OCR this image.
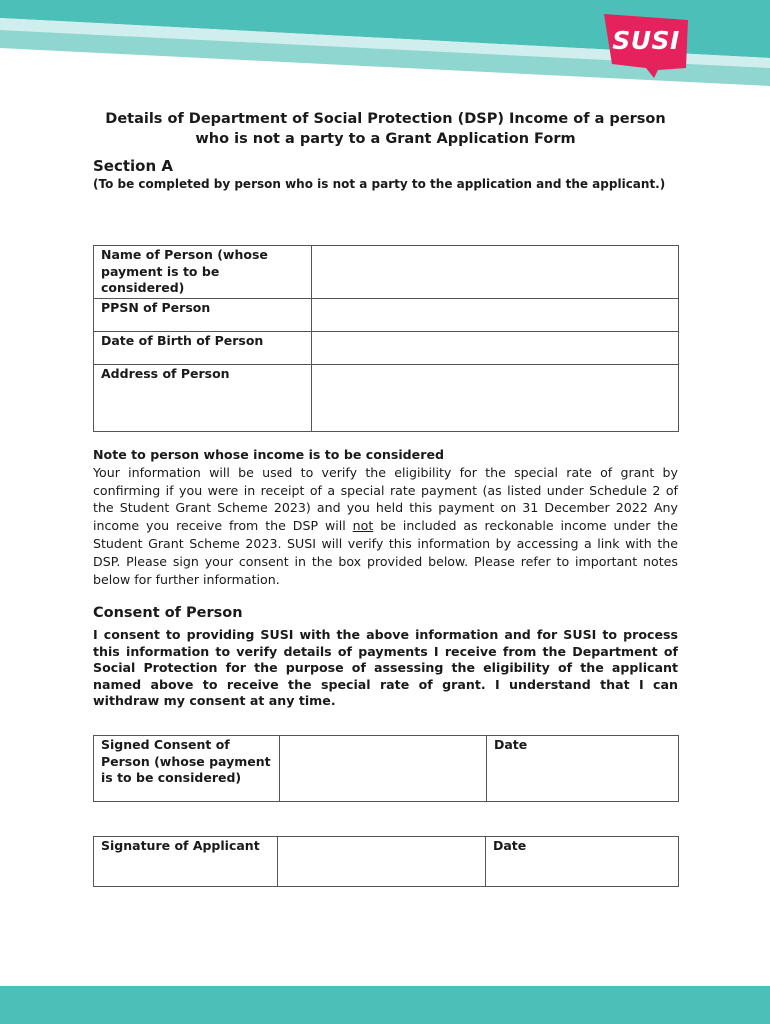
SUSI
Details of Department of Social Protection (DSP) Income of a person who is not a party to a Grant Application Form
Section A
(To be completed by person who is not a party to the application and the applicant.)
Name of Person (whose payment is to be considered)	
PPSN of Person	
Date of Birth of Person	
Address of Person	
Note to person whose income is to be considered
Your information will be used to verify the eligibility for the special rate of grant by confirming if you were in receipt of a special rate payment (as listed under Schedule 2 of the Student Grant Scheme 2023) and you held this payment on 31 December 2022 Any income you receive from the DSP will not be included as reckonable income under the Student Grant Scheme 2023. SUSI will verify this information by accessing a link with the DSP. Please sign your consent in the box provided below. Please refer to important notes below for further information.
Consent of Person
I consent to providing SUSI with the above information and for SUSI to process this information to verify details of payments I receive from the Department of Social Protection for the purpose of assessing the eligibility of the applicant named above to receive the special rate of grant. I understand that I can withdraw my consent at any time.
Signed Consent of Person (whose payment is to be considered)		Date
Signature of Applicant		Date
